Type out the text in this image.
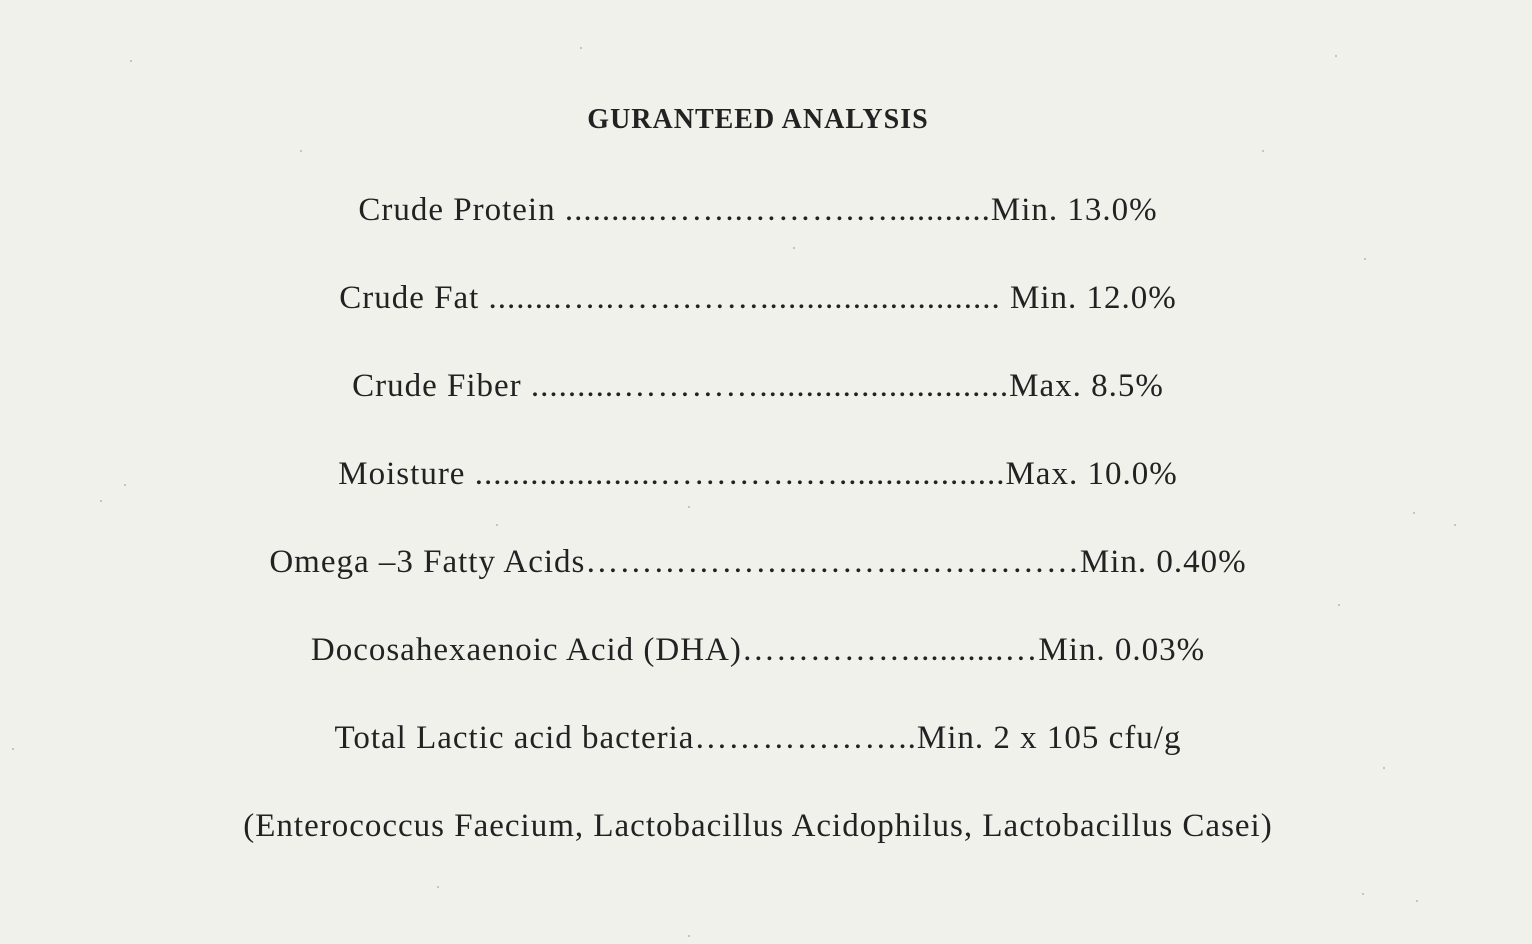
GURANTEED ANALYSIS
Crude Protein ..........……..……….…...........Min. 13.0%
Crude Fat ........…..…….…….......................... Min. 12.0%
Crude Fiber ..........…………...........................Max. 8.5%
Moisture ....................………….…..................Max. 10.0%
Omega –3 Fatty Acids………………..……………………Min. 0.40%
Docosahexaenoic Acid (DHA)……………..........…Min. 0.03%
Total Lactic acid bacteria………………..Min. 2 x 105 cfu/g
(Enterococcus Faecium, Lactobacillus Acidophilus, Lactobacillus Casei)
